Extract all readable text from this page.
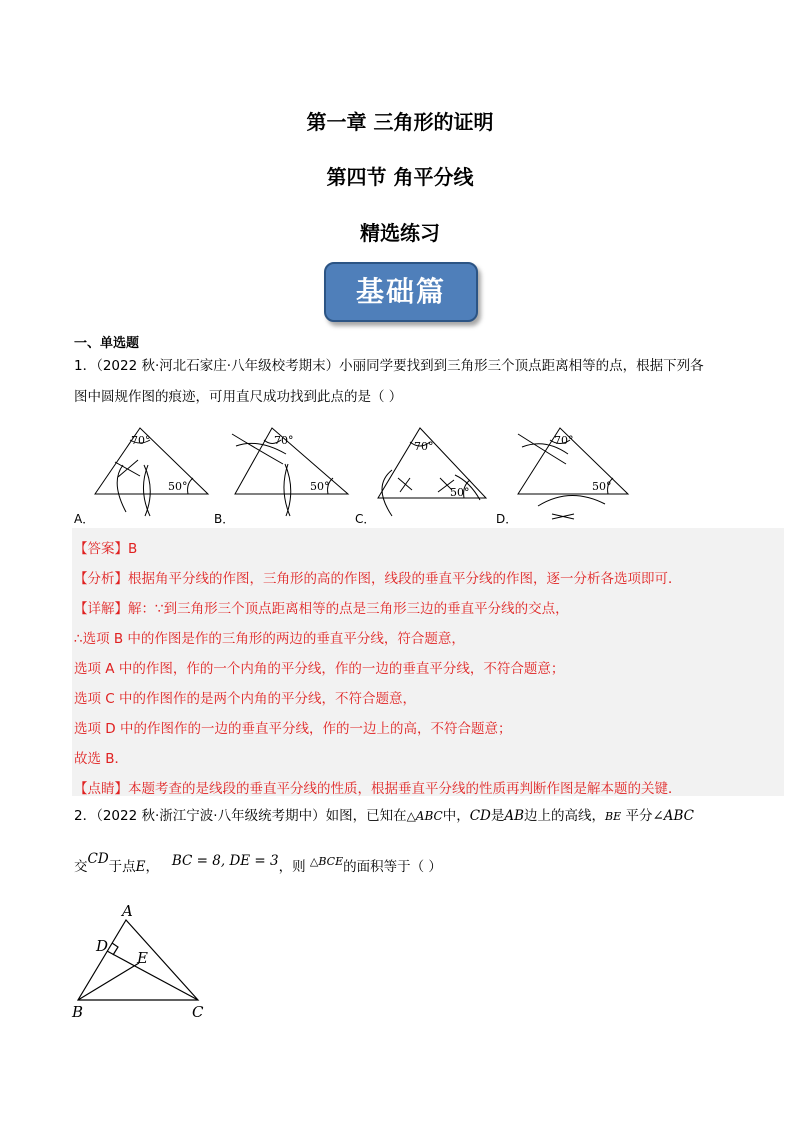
第一章 三角形的证明
第四节 角平分线
精选练习
基础篇
一、单选题
1．（2022 秋·河北石家庄·八年级校考期末）小丽同学要找到到三角形三个顶点距离相等的点，根据下列各
图中圆规作图的痕迹，可用直尺成功找到此点的是（ ）
70°
50°
70°
50°
70°
50°
70°
50°
A．	B．	C．	D．
【答案】B
【分析】根据角平分线的作图，三角形的高的作图，线段的垂直平分线的作图，逐一分析各选项即可．
【详解】解：∵到三角形三个顶点距离相等的点是三角形三边的垂直平分线的交点，
∴选项 B 中的作图是作的三角形的两边的垂直平分线，符合题意，
选项 A 中的作图，作的一个内角的平分线，作的一边的垂直平分线，不符合题意；
选项 C 中的作图作的是两个内角的平分线，不符合题意，
选项 D 中的作图作的一边的垂直平分线，作的一边上的高，不符合题意；
故选 B．
【点睛】本题考查的是线段的垂直平分线的性质，根据垂直平分线的性质再判断作图是解本题的关键．
2．（2022 秋·浙江宁波·八年级统考期中）如图，已知在△ABC中，CD是AB边上的高线，BE 平分∠ABC
交CD于点E， BC = 8, DE = 3，则 $^{\triangle BCE}$的面积等于（ ）
A
D
E
B	C
